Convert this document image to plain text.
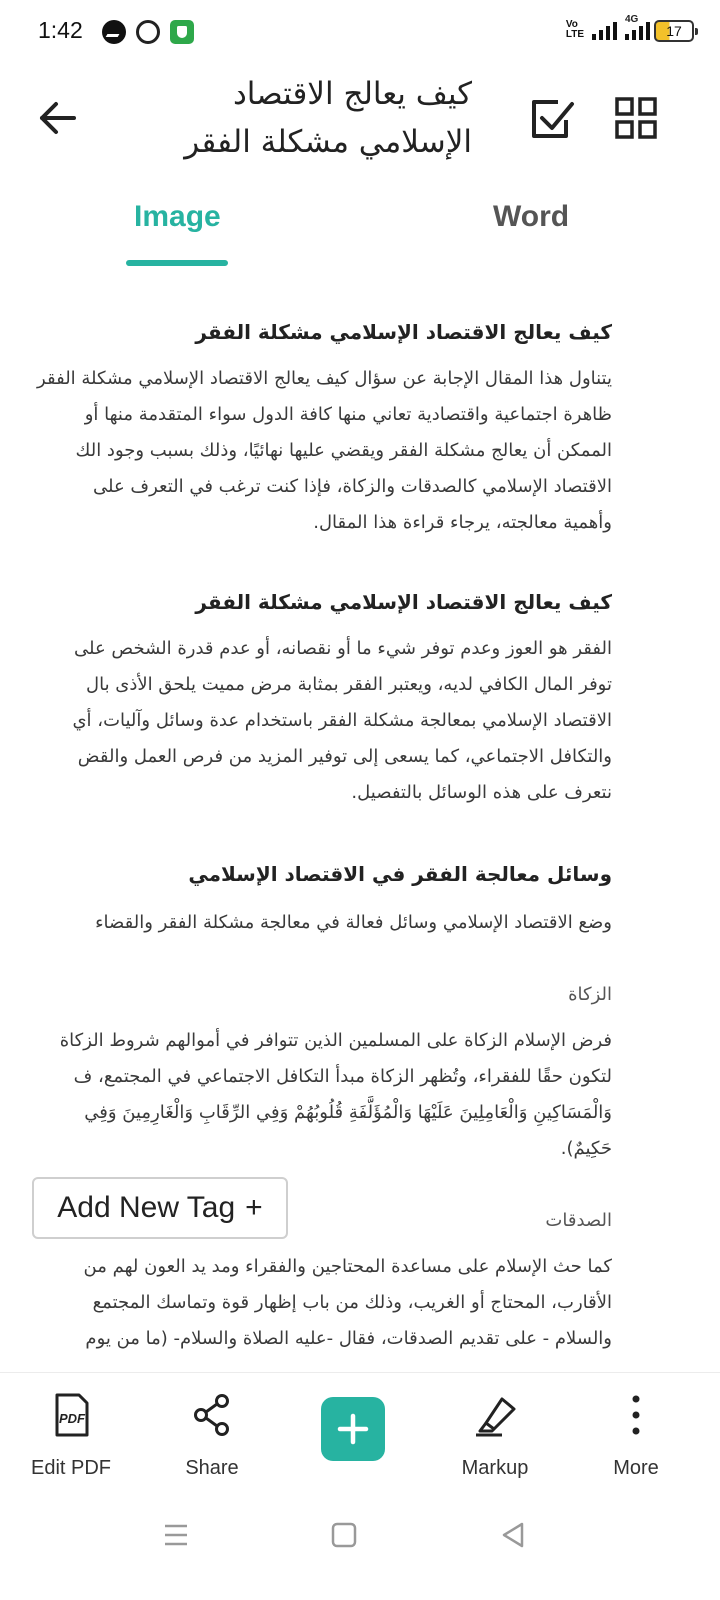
1:42	Vo
LTE
4G
17
كيف يعالج الاقتصاد
الإسلامي مشكلة الفقر
Image	Word
كيف يعالج الاقتصاد الإسلامي مشكلة الفقر
يتناول هذا المقال الإجابة عن سؤال كيف يعالج الاقتصاد الإسلامي مشكلة الفقر
ظاهرة اجتماعية واقتصادية تعاني منها كافة الدول سواء المتقدمة منها أو
الممكن أن يعالج مشكلة الفقر ويقضي عليها نهائيًا، وذلك بسبب وجود الك
الاقتصاد الإسلامي كالصدقات والزكاة، فإذا كنت ترغب في التعرف على
وأهمية معالجته، يرجاء قراءة هذا المقال.
كيف يعالج الاقتصاد الإسلامي مشكلة الفقر
الفقر هو العوز وعدم توفر شيء ما أو نقصانه، أو عدم قدرة الشخص على
توفر المال الكافي لديه، ويعتبر الفقر بمثابة مرض مميت يلحق الأذى بال
الاقتصاد الإسلامي بمعالجة مشكلة الفقر باستخدام عدة وسائل وآليات، أي
والتكافل الاجتماعي، كما يسعى إلى توفير المزيد من فرص العمل والقض
نتعرف على هذه الوسائل بالتفصيل.
وسائل معالجة الفقر في الاقتصاد الإسلامي
وضع الاقتصاد الإسلامي وسائل فعالة في معالجة مشكلة الفقر والقضاء
الزكاة
فرض الإسلام الزكاة على المسلمين الذين تتوافر في أموالهم شروط الزكاة
لتكون حقًا للفقراء، وتُظهر الزكاة مبدأ التكافل الاجتماعي في المجتمع، ف
وَالْمَسَاكِينِ وَالْعَامِلِينَ عَلَيْهَا وَالْمُؤَلَّفَةِ قُلُوبُهُمْ وَفِي الرِّقَابِ وَالْغَارِمِينَ وَفِي
حَكِيمٌ).
الصدقات
كما حث الإسلام على مساعدة المحتاجين والفقراء ومد يد العون لهم من
الأقارب، المحتاج أو الغريب، وذلك من باب إظهار قوة وتماسك المجتمع
والسلام - على تقديم الصدقات، فقال -عليه الصلاة والسلام- (ما من يوم
Add New Tag +
PDF
Edit PDF	Share	Markup	More
